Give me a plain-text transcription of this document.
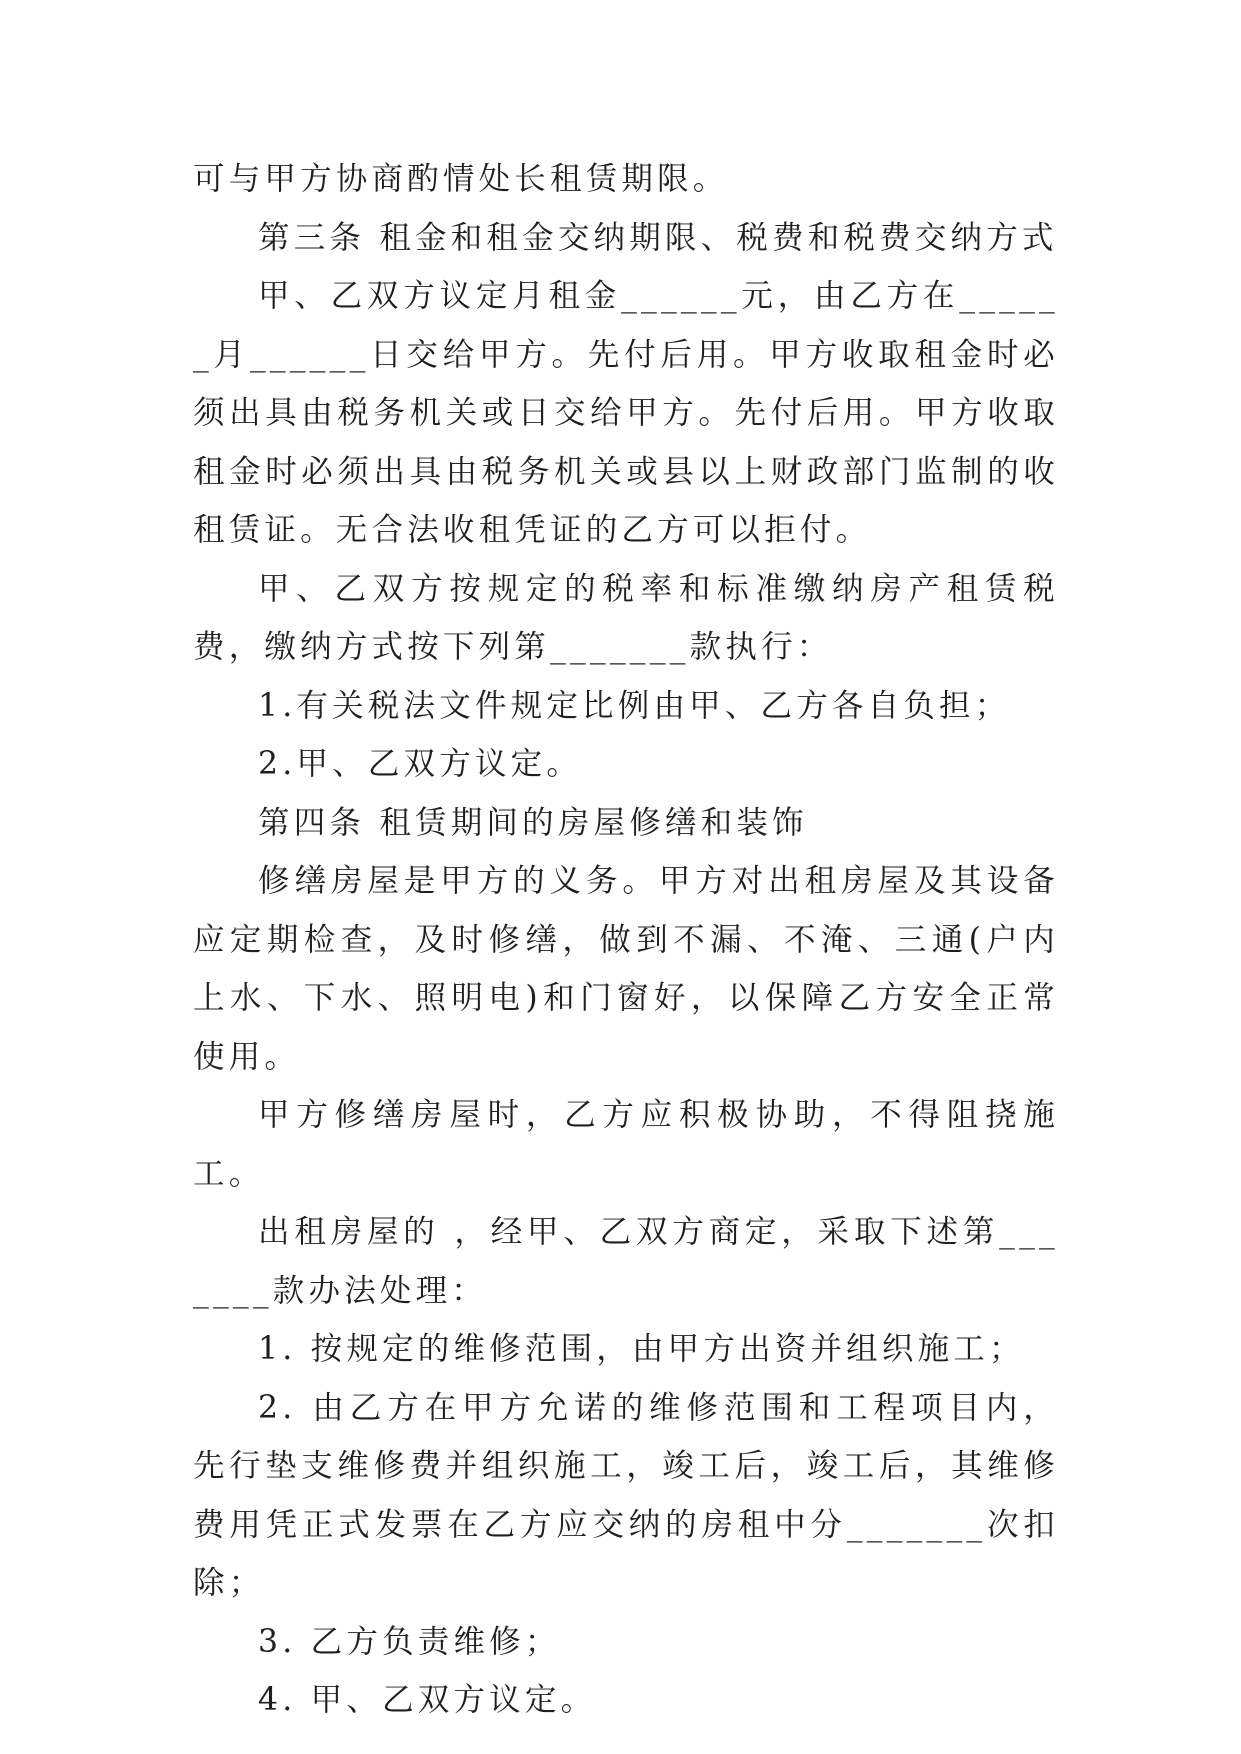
可与甲方协商酌情处长租赁期限。

第三条 租金和租金交纳期限、税费和税费交纳方式

甲、乙双方议定月租金______元，由乙方在______月______日交给甲方。先付后用。甲方收取租金时必须出具由税务机关或日交给甲方。先付后用。甲方收取租金时必须出具由税务机关或县以上财政部门监制的收租赁证。无合法收租凭证的乙方可以拒付。

甲、乙双方按规定的税率和标准缴纳房产租赁税费，缴纳方式按下列第_______款执行：

1.有关税法文件规定比例由甲、乙方各自负担；

2.甲、乙双方议定。

第四条 租赁期间的房屋修缮和装饰

修缮房屋是甲方的义务。甲方对出租房屋及其设备应定期检查，及时修缮，做到不漏、不淹、三通(户内上水、下水、照明电)和门窗好，以保障乙方安全正常使用。

甲方修缮房屋时，乙方应积极协助，不得阻挠施工。

出租房屋的 ，经甲、乙双方商定，采取下述第_______款办法处理：

1. 按规定的维修范围，由甲方出资并组织施工；

2. 由乙方在甲方允诺的维修范围和工程项目内，先行垫支维修费并组织施工，竣工后，竣工后，其维修费用凭正式发票在乙方应交纳的房租中分_______次扣除；

3. 乙方负责维修；

4. 甲、乙双方议定。
